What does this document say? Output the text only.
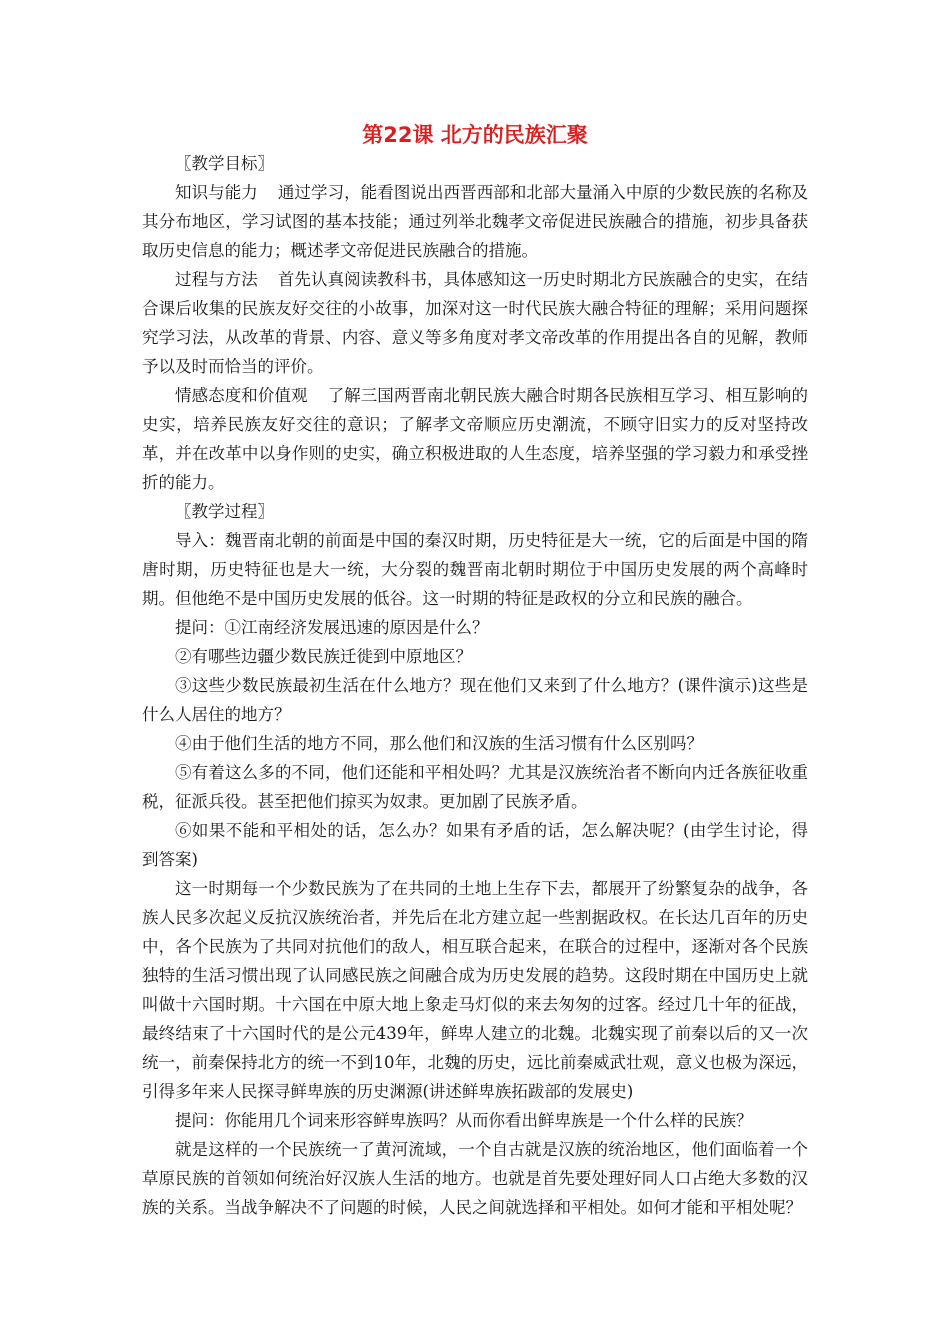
第22课 北方的民族汇聚

〖教学目标〗

知识与能力 通过学习，能看图说出西晋西部和北部大量涌入中原的少数民族的名称及其分布地区，学习试图的基本技能；通过列举北魏孝文帝促进民族融合的措施，初步具备获取历史信息的能力；概述孝文帝促进民族融合的措施。

过程与方法 首先认真阅读教科书，具体感知这一历史时期北方民族融合的史实，在结合课后收集的民族友好交往的小故事，加深对这一时代民族大融合特征的理解；采用问题探究学习法，从改革的背景、内容、意义等多角度对孝文帝改革的作用提出各自的见解，教师予以及时而恰当的评价。

情感态度和价值观 了解三国两晋南北朝民族大融合时期各民族相互学习、相互影响的史实，培养民族友好交往的意识；了解孝文帝顺应历史潮流，不顾守旧实力的反对坚持改革，并在改革中以身作则的史实，确立积极进取的人生态度，培养坚强的学习毅力和承受挫折的能力。

〖教学过程〗

导入：魏晋南北朝的前面是中国的秦汉时期，历史特征是大一统，它的后面是中国的隋唐时期，历史特征也是大一统，大分裂的魏晋南北朝时期位于中国历史发展的两个高峰时期。但他绝不是中国历史发展的低谷。这一时期的特征是政权的分立和民族的融合。

提问：①江南经济发展迅速的原因是什么？

②有哪些边疆少数民族迁徙到中原地区？

③这些少数民族最初生活在什么地方？现在他们又来到了什么地方？(课件演示)这些是什么人居住的地方？

④由于他们生活的地方不同，那么他们和汉族的生活习惯有什么区别吗？

⑤有着这么多的不同，他们还能和平相处吗？尤其是汉族统治者不断向内迁各族征收重税，征派兵役。甚至把他们掠买为奴隶。更加剧了民族矛盾。

⑥如果不能和平相处的话，怎么办？如果有矛盾的话，怎么解决呢？(由学生讨论，得到答案)

这一时期每一个少数民族为了在共同的土地上生存下去，都展开了纷繁复杂的战争，各族人民多次起义反抗汉族统治者，并先后在北方建立起一些割据政权。在长达几百年的历史中，各个民族为了共同对抗他们的敌人，相互联合起来，在联合的过程中，逐渐对各个民族独特的生活习惯出现了认同感民族之间融合成为历史发展的趋势。这段时期在中国历史上就叫做十六国时期。十六国在中原大地上象走马灯似的来去匆匆的过客。经过几十年的征战，最终结束了十六国时代的是公元439年，鲜卑人建立的北魏。北魏实现了前秦以后的又一次统一，前秦保持北方的统一不到10年，北魏的历史，远比前秦威武壮观，意义也极为深远，引得多年来人民探寻鲜卑族的历史渊源(讲述鲜卑族拓跋部的发展史)

提问：你能用几个词来形容鲜卑族吗？从而你看出鲜卑族是一个什么样的民族？

就是这样的一个民族统一了黄河流域，一个自古就是汉族的统治地区，他们面临着一个草原民族的首领如何统治好汉族人生活的地方。也就是首先要处理好同人口占绝大多数的汉族的关系。当战争解决不了问题的时候，人民之间就选择和平相处。如何才能和平相处呢？
